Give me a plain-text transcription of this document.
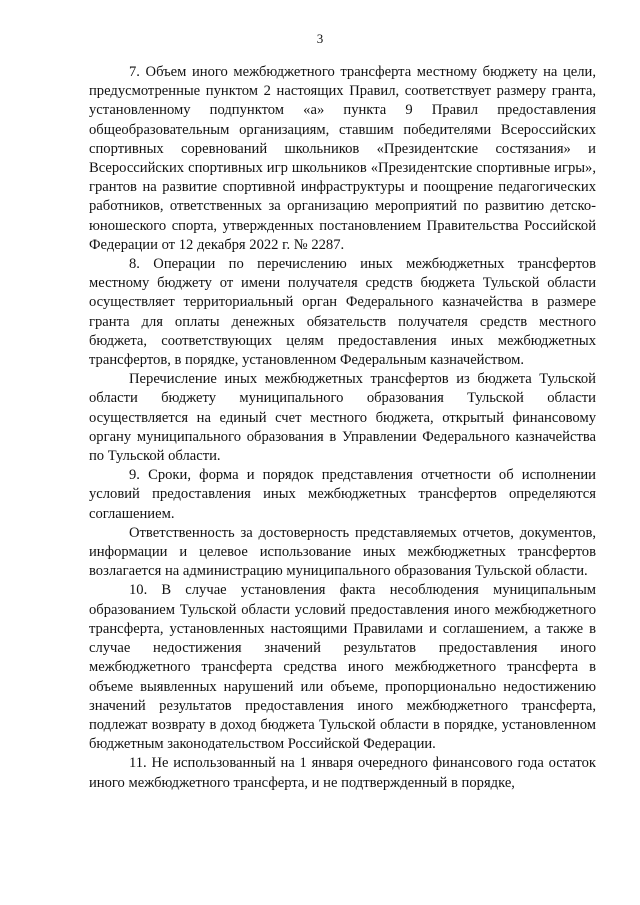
3

7. Объем иного межбюджетного трансферта местному бюджету на цели, предусмотренные пунктом 2 настоящих Правил, соответствует размеру гранта, установленному подпунктом «а» пункта 9 Правил предоставления общеобразовательным организациям, ставшим победителями Всероссийских спортивных соревнований школьников «Президентские состязания» и Всероссийских спортивных игр школьников «Президентские спортивные игры», грантов на развитие спортивной инфраструктуры и поощрение педагогических работников, ответственных за организацию мероприятий по развитию детско-юношеского спорта, утвержденных постановлением Правительства Российской Федерации от 12 декабря 2022 г. № 2287.

8. Операции по перечислению иных межбюджетных трансфертов местному бюджету от имени получателя средств бюджета Тульской области осуществляет территориальный орган Федерального казначейства в размере гранта для оплаты денежных обязательств получателя средств местного бюджета, соответствующих целям предоставления иных межбюджетных трансфертов, в порядке, установленном Федеральным казначейством.

Перечисление иных межбюджетных трансфертов из бюджета Тульской области бюджету муниципального образования Тульской области осуществляется на единый счет местного бюджета, открытый финансовому органу муниципального образования в Управлении Федерального казначейства по Тульской области.

9. Сроки, форма и порядок представления отчетности об исполнении условий предоставления иных межбюджетных трансфертов определяются соглашением.

Ответственность за достоверность представляемых отчетов, документов, информации и целевое использование иных межбюджетных трансфертов возлагается на администрацию муниципального образования Тульской области.

10. В случае установления факта несоблюдения муниципальным образованием Тульской области условий предоставления иного межбюджетного трансферта, установленных настоящими Правилами и соглашением, а также в случае недостижения значений результатов предоставления иного межбюджетного трансферта средства иного межбюджетного трансферта в объеме выявленных нарушений или объеме, пропорционально недостижению значений результатов предоставления иного межбюджетного трансферта, подлежат возврату в доход бюджета Тульской области в порядке, установленном бюджетным законодательством Российской Федерации.

11. Не использованный на 1 января очередного финансового года остаток иного межбюджетного трансферта, и не подтвержденный в порядке,
